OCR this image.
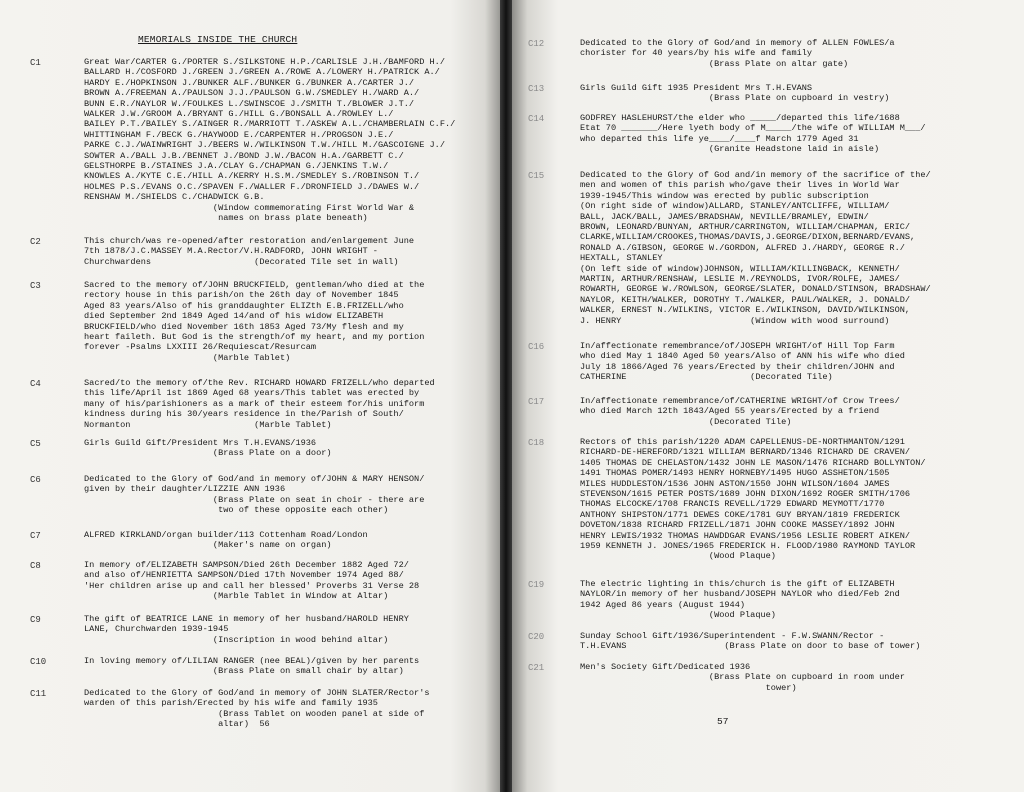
MEMORIALS INSIDE THE CHURCH
C1	Great War/CARTER G./PORTER S./SILKSTONE H.P./CARLISLE J.H./BAMFORD H./
BALLARD H./COSFORD J./GREEN J./GREEN A./ROWE A./LOWERY H./PATRICK A./
HARDY E./HOPKINSON J./BUNKER ALF./BUNKER G./BUNKER A./CARTER J./
BROWN A./FREEMAN A./PAULSON J.J./PAULSON G.W./SMEDLEY H./WARD A./
BUNN E.R./NAYLOR W./FOULKES L./SWINSCOE J./SMITH T./BLOWER J.T./
WALKER J.W./GROOM A./BRYANT G./HILL G./BONSALL A./ROWLEY L./
BAILEY P.T./BAILEY S./AINGER R./MARRIOTT T./ASKEW A.L./CHAMBERLAIN C.F./
WHITTINGHAM F./BECK G./HAYWOOD E./CARPENTER H./PROGSON J.E./
PARKE C.J./WAINWRIGHT J./BEERS W./WILKINSON T.W./HILL M./GASCOIGNE J./
SOWTER A./BALL J.B./BENNET J./BOND J.W./BACON H.A./GARBETT C./
GELSTHORPE B./STAINES J.A./CLAY G./CHAPMAN G./JENKINS T.W./
KNOWLES A./KYTE C.E./HILL A./KERRY H.S.M./SMEDLEY S./ROBINSON T./
HOLMES P.S./EVANS O.C./SPAVEN F./WALLER F./DRONFIELD J./DAWES W./
RENSHAW M./SHIELDS C./CHADWICK G.B.
(Window commemorating First World War &
names on brass plate beneath)
C2	This church/was re-opened/after restoration and/enlargement June
7th 1878/J.C.MASSEY M.A.Rector/V.H.RADFORD, JOHN WRIGHT -
Churchwardens                    (Decorated Tile set in wall)
C3	Sacred to the memory of/JOHN BRUCKFIELD, gentleman/who died at the
rectory house in this parish/on the 26th day of November 1845
Aged 83 years/Also of his granddaughter ELIZth E.B.FRIZELL/who
died September 2nd 1849 Aged 14/and of his widow ELIZABETH
BRUCKFIELD/who died November 16th 1853 Aged 73/My flesh and my
heart faileth. But God is the strength/of my heart, and my portion
forever -Psalms LXXIII 26/Requiescat/Resurcam
(Marble Tablet)
C4	Sacred/to the memory of/the Rev. RICHARD HOWARD FRIZELL/who departed
this life/April 1st 1869 Aged 68 years/This tablet was erected by
many of his/parishioners as a mark of their esteem for/his uniform
kindness during his 30/years residence in the/Parish of South/
Normanton                        (Marble Tablet)
C5	Girls Guild Gift/President Mrs T.H.EVANS/1936
(Brass Plate on a door)
C6	Dedicated to the Glory of God/and in memory of/JOHN & MARY HENSON/
given by their daughter/LIZZIE ANN 1936
(Brass Plate on seat in choir - there are
two of these opposite each other)
C7	ALFRED KIRKLAND/organ builder/113 Cottenham Road/London
(Maker's name on organ)
C8	In memory of/ELIZABETH SAMPSON/Died 26th December 1882 Aged 72/
and also of/HENRIETTA SAMPSON/Died 17th November 1974 Aged 88/
'Her children arise up and call her blessed' Proverbs 31 Verse 28
(Marble Tablet in Window at Altar)
C9	The gift of BEATRICE LANE in memory of her husband/HAROLD HENRY
LANE, Churchwarden 1939-1945
(Inscription in wood behind altar)
C10	In loving memory of/LILIAN RANGER (nee BEAL)/given by her parents
(Brass Plate on small chair by altar)
C11	Dedicated to the Glory of God/and in memory of JOHN SLATER/Rector's
warden of this parish/Erected by his wife and family 1935
(Brass Tablet on wooden panel at side of
altar)  56
C12	Dedicated to the Glory of God/and in memory of ALLEN FOWLES/a
chorister for 40 years/by his wife and family
(Brass Plate on altar gate)
C13	Girls Guild Gift 1935 President Mrs T.H.EVANS
(Brass Plate on cupboard in vestry)
C14	GODFREY HASLEHURST/the elder who _____/departed this life/1688
Etat 70 _______/Here lyeth body of M_____/the wife of WILLIAM M___/
who departed this life ye____/____f March 1779 Aged 31
(Granite Headstone laid in aisle)
C15	Dedicated to the Glory of God and/in memory of the sacrifice of the/
men and women of this parish who/gave their lives in World War
1939-1945/This window was erected by public subscription
(On right side of window)ALLARD, STANLEY/ANTCLIFFE, WILLIAM/
BALL, JACK/BALL, JAMES/BRADSHAW, NEVILLE/BRAMLEY, EDWIN/
BROWN, LEONARD/BUNYAN, ARTHUR/CARRINGTON, WILLIAM/CHAPMAN, ERIC/
CLARKE,WILLIAM/CROOKES,THOMAS/DAVIS,J.GEORGE/DIXON,BERNARD/EVANS,
RONALD A./GIBSON, GEORGE W./GORDON, ALFRED J./HARDY, GEORGE R./
HEXTALL, STANLEY
(On left side of window)JOHNSON, WILLIAM/KILLINGBACK, KENNETH/
MARTIN, ARTHUR/RENSHAW, LESLIE M./REYNOLDS, IVOR/ROLFE, JAMES/
ROWARTH, GEORGE W./ROWLSON, GEORGE/SLATER, DONALD/STINSON, BRADSHAW/
NAYLOR, KEITH/WALKER, DOROTHY T./WALKER, PAUL/WALKER, J. DONALD/
WALKER, ERNEST N./WILKINS, VICTOR E./WILKINSON, DAVID/WILKINSON,
J. HENRY                         (Window with wood surround)
C16	In/affectionate remembrance/of/JOSEPH WRIGHT/of Hill Top Farm
who died May 1 1840 Aged 50 years/Also of ANN his wife who died
July 18 1866/Aged 76 years/Erected by their children/JOHN and
CATHERINE                        (Decorated Tile)
C17	In/affectionate remembrance/of/CATHERINE WRIGHT/of Crow Trees/
who died March 12th 1843/Aged 55 years/Erected by a friend
(Decorated Tile)
C18	Rectors of this parish/1220 ADAM CAPELLENUS-DE-NORTHMANTON/1291
RICHARD-DE-HEREFORD/1321 WILLIAM BERNARD/1346 RICHARD DE CRAVEN/
1405 THOMAS DE CHELASTON/1432 JOHN LE MASON/1476 RICHARD BOLLYNTON/
1491 THOMAS POMER/1493 HENRY HORNEBY/1495 HUGO ASSHETON/1505
MILES HUDDLESTON/1536 JOHN ASTON/1550 JOHN WILSON/1604 JAMES
STEVENSON/1615 PETER POSTS/1689 JOHN DIXON/1692 ROGER SMITH/1706
THOMAS ELCOCKE/1708 FRANCIS REVELL/1729 EDWARD MEYMOTT/1770
ANTHONY SHIPSTON/1771 DEWES COKE/1781 GUY BRYAN/1819 FREDERICK
DOVETON/1838 RICHARD FRIZELL/1871 JOHN COOKE MASSEY/1892 JOHN
HENRY LEWIS/1932 THOMAS HAWDDGAR EVANS/1956 LESLIE ROBERT AIKEN/
1959 KENNETH J. JONES/1965 FREDERICK H. FLOOD/1980 RAYMOND TAYLOR
(Wood Plaque)
C19	The electric lighting in this/church is the gift of ELIZABETH
NAYLOR/in memory of her husband/JOSEPH NAYLOR who died/Feb 2nd
1942 Aged 86 years (August 1944)
(Wood Plaque)
C20	Sunday School Gift/1936/Superintendent - F.W.SWANN/Rector -
T.H.EVANS                   (Brass Plate on door to base of tower)
C21	Men's Society Gift/Dedicated 1936
(Brass Plate on cupboard in room under
tower)
57
